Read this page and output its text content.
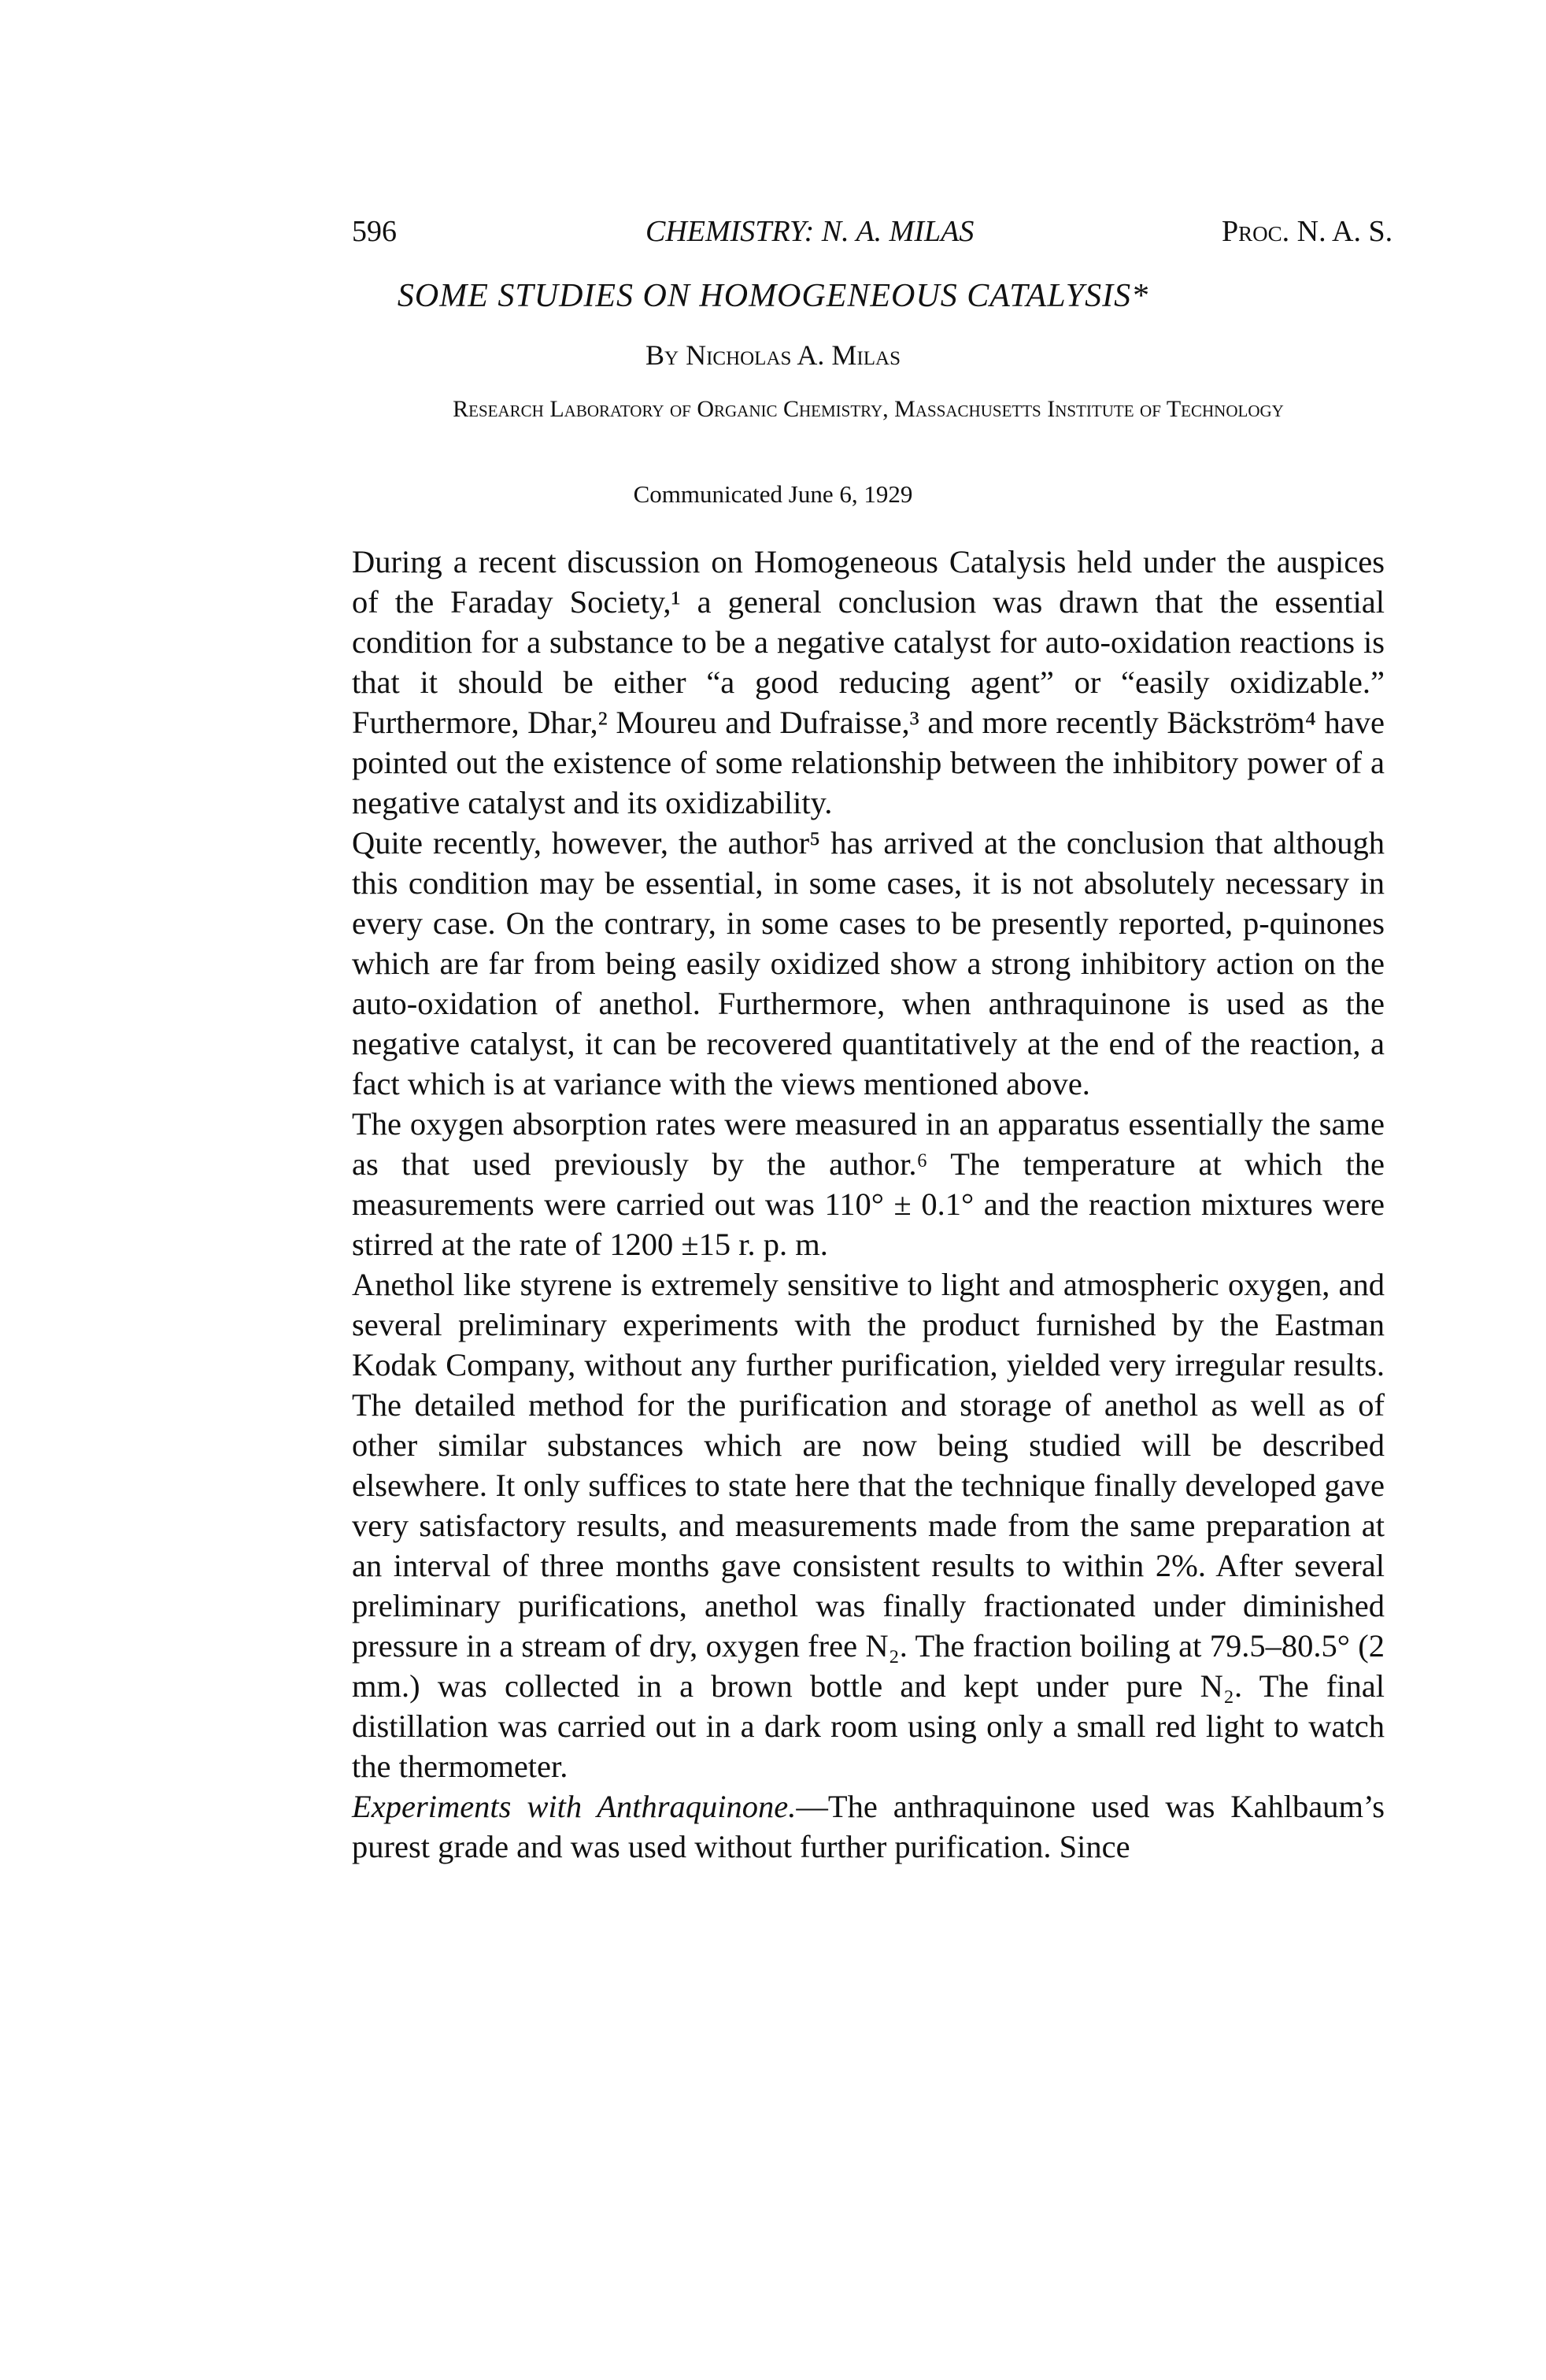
596	CHEMISTRY: N. A. MILAS	Proc. N. A. S.
SOME STUDIES ON HOMOGENEOUS CATALYSIS*
By Nicholas A. Milas
Research Laboratory of Organic Chemistry, Massachusetts Institute of Technology
Communicated June 6, 1929

During a recent discussion on Homogeneous Catalysis held under the auspices of the Faraday Society,¹ a general conclusion was drawn that the essential condition for a substance to be a negative catalyst for auto-oxidation reactions is that it should be either “a good reducing agent” or “easily oxidizable.” Furthermore, Dhar,² Moureu and Dufraisse,³ and more recently Bäckström⁴ have pointed out the existence of some relationship between the inhibitory power of a negative catalyst and its oxidizability.

Quite recently, however, the author⁵ has arrived at the conclusion that although this condition may be essential, in some cases, it is not absolutely necessary in every case. On the contrary, in some cases to be presently reported, p-quinones which are far from being easily oxidized show a strong inhibitory action on the auto-oxidation of anethol. Furthermore, when anthraquinone is used as the negative catalyst, it can be recovered quantitatively at the end of the reaction, a fact which is at variance with the views mentioned above.

The oxygen absorption rates were measured in an apparatus essentially the same as that used previously by the author.⁶ The temperature at which the measurements were carried out was 110° ± 0.1° and the reaction mixtures were stirred at the rate of 1200 ±15 r. p. m.

Anethol like styrene is extremely sensitive to light and atmospheric oxygen, and several preliminary experiments with the product furnished by the Eastman Kodak Company, without any further purification, yielded very irregular results. The detailed method for the purification and storage of anethol as well as of other similar substances which are now being studied will be described elsewhere. It only suffices to state here that the technique finally developed gave very satisfactory results, and measurements made from the same preparation at an interval of three months gave consistent results to within 2%. After several preliminary purifications, anethol was finally fractionated under diminished pressure in a stream of dry, oxygen free N₂. The fraction boiling at 79.5–80.5° (2 mm.) was collected in a brown bottle and kept under pure N₂. The final distillation was carried out in a dark room using only a small red light to watch the thermometer.

Experiments with Anthraquinone.—The anthraquinone used was Kahlbaum’s purest grade and was used without further purification. Since
